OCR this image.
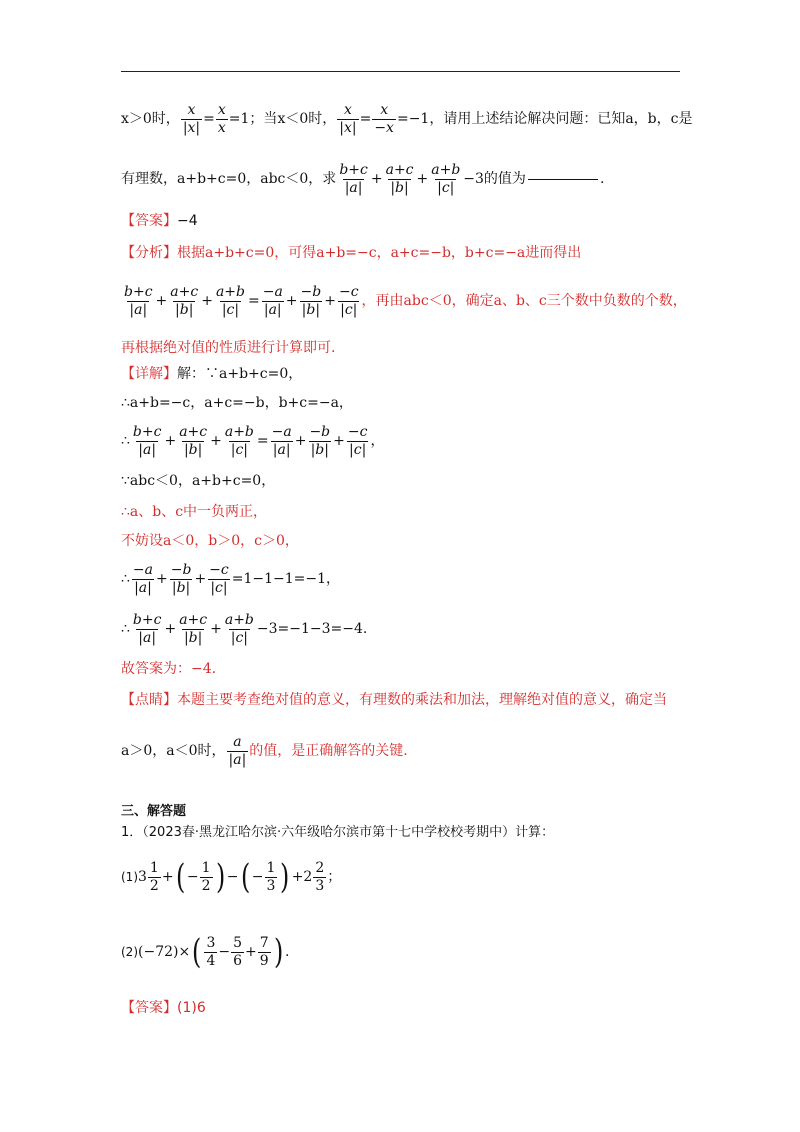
x＞0时， $\frac{x}{|x|} = \frac{x}{x} =1$；当 x＜0时， $\frac{x}{|x|} = \frac{x}{-x} =-1$，请用上述结论解决问题：已知a，b，c是
有理数，a+b+c=0，abc＜0，求 $\frac{b+c}{|a|} + \frac{a+c}{|b|} + \frac{a+b}{|c|} -3$的值为	.
【答案】 −4
【分析】 根据a+b+c=0，可得a+b=−c，a+c=−b，b+c=−a进而得出
$\frac{b+c}{|a|} + \frac{a+c}{|b|} + \frac{a+b}{|c|} = \frac{-a}{|a|} + \frac{-b}{|b|} + \frac{-c}{|c|}$ ，再由abc＜0，确定a、b、c三个数中负数的个数，
再根据绝对值的性质进行计算即可.
【详解】 解：∵a+b+c=0，
∴a+b=−c，a+c=−b，b+c=−a，
∴ $\frac{b+c}{|a|} + \frac{a+c}{|b|} + \frac{a+b}{|c|} = \frac{-a}{|a|} + \frac{-b}{|b|} + \frac{-c}{|c|}$ ，
∵abc＜0，a+b+c=0，
∴a、b、c中一负两正，
不妨设a＜0，b＞0，c＞0，
∴ $\frac{-a}{|a|} + \frac{-b}{|b|} + \frac{-c}{|c|} =1-1-1=-1$，
∴ $\frac{b+c}{|a|} + \frac{a+c}{|b|} + \frac{a+b}{|c|} -3=-1-3=-4$.
故答案为：−4.
【点睛】 本题主要考查绝对值的意义，有理数的乘法和加法，理解绝对值的意义，确定当
a＞0，a＜0时， $\frac{a}{|a|}$ 的值，是正确解答的关键.
三、解答题
1．（2023春·黑龙江哈尔滨·六年级哈尔滨市第十七中学校校考期中）计算：
(1) $3 \frac{1}{2}$ + ( − $\frac{1}{2}$ ) − ( − $\frac{1}{3}$ ) + $2 \frac{2}{3}$ ；
(2) (−72)× ( $\frac{3}{4} - \frac{5}{6} + \frac{7}{9}$ ) .
【答案】 (1)6
